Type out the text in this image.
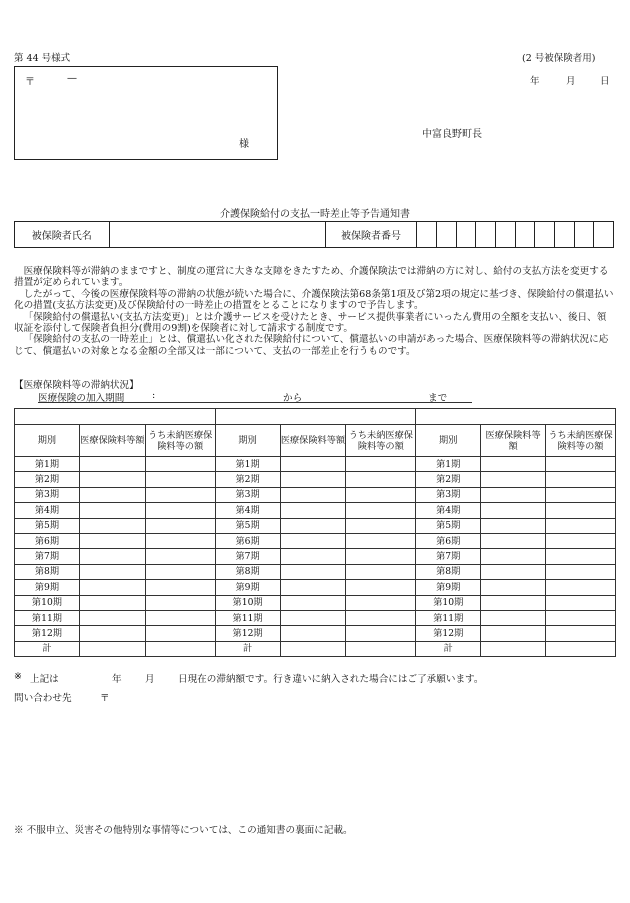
第 44 号様式	(2 号被保険者用)
年	月	日
〒	—
様
中富良野町長
介護保険給付の支払一時差止等予告通知書
被保険者氏名		被保険者番号										

医療保険料等が滞納のままですと、制度の運営に大きな支障をきたすため、介護保険法では滞納の方に対し、給付の支払方法を変更する措置が定められています。

したがって、今後の医療保険料等の滞納の状態が続いた場合に、介護保険法第68条第1項及び第2項の規定に基づき、保険給付の償還払い化の措置(支払方法変更)及び保険給付の一時差止の措置をとることになりますので予告します。

「保険給付の償還払い(支払方法変更)」とは介護サービスを受けたとき、サービス提供事業者にいったん費用の全額を支払い、後日、領収証を添付して保険者負担分(費用の9割)を保険者に対して請求する制度です。

「保険給付の支払の一時差止」とは、償還払い化された保険給付について、償還払いの申請があった場合、医療保険料等の滞納状況に応じて、償還払いの対象となる金額の全部又は一部について、支払の一部差止を行うものです。

【医療保険料等の滞納状況】
医療保険の加入期間	:	から	まで

期別	医療保険料等額	うち未納医療保険料等の額	期別	医療保険料等額	うち未納医療保険料等の額	期別	医療保険料等額	うち未納医療保険料等の額
第1期			第1期			第1期		
第2期			第2期			第2期		
第3期			第3期			第3期		
第4期			第4期			第4期		
第5期			第5期			第5期		
第6期			第6期			第6期		
第7期			第7期			第7期		
第8期			第8期			第8期		
第9期			第9期			第9期		
第10期			第10期			第10期		
第11期			第11期			第11期		
第12期			第12期			第12期		
計			計			計		
※ 上記は	年 月 日現在の滞納額です。行き違いに納入された場合にはご了承願います。
問い合わせ先	〒
※ 不服申立、災害その他特別な事情等については、この通知書の裏面に記載。
